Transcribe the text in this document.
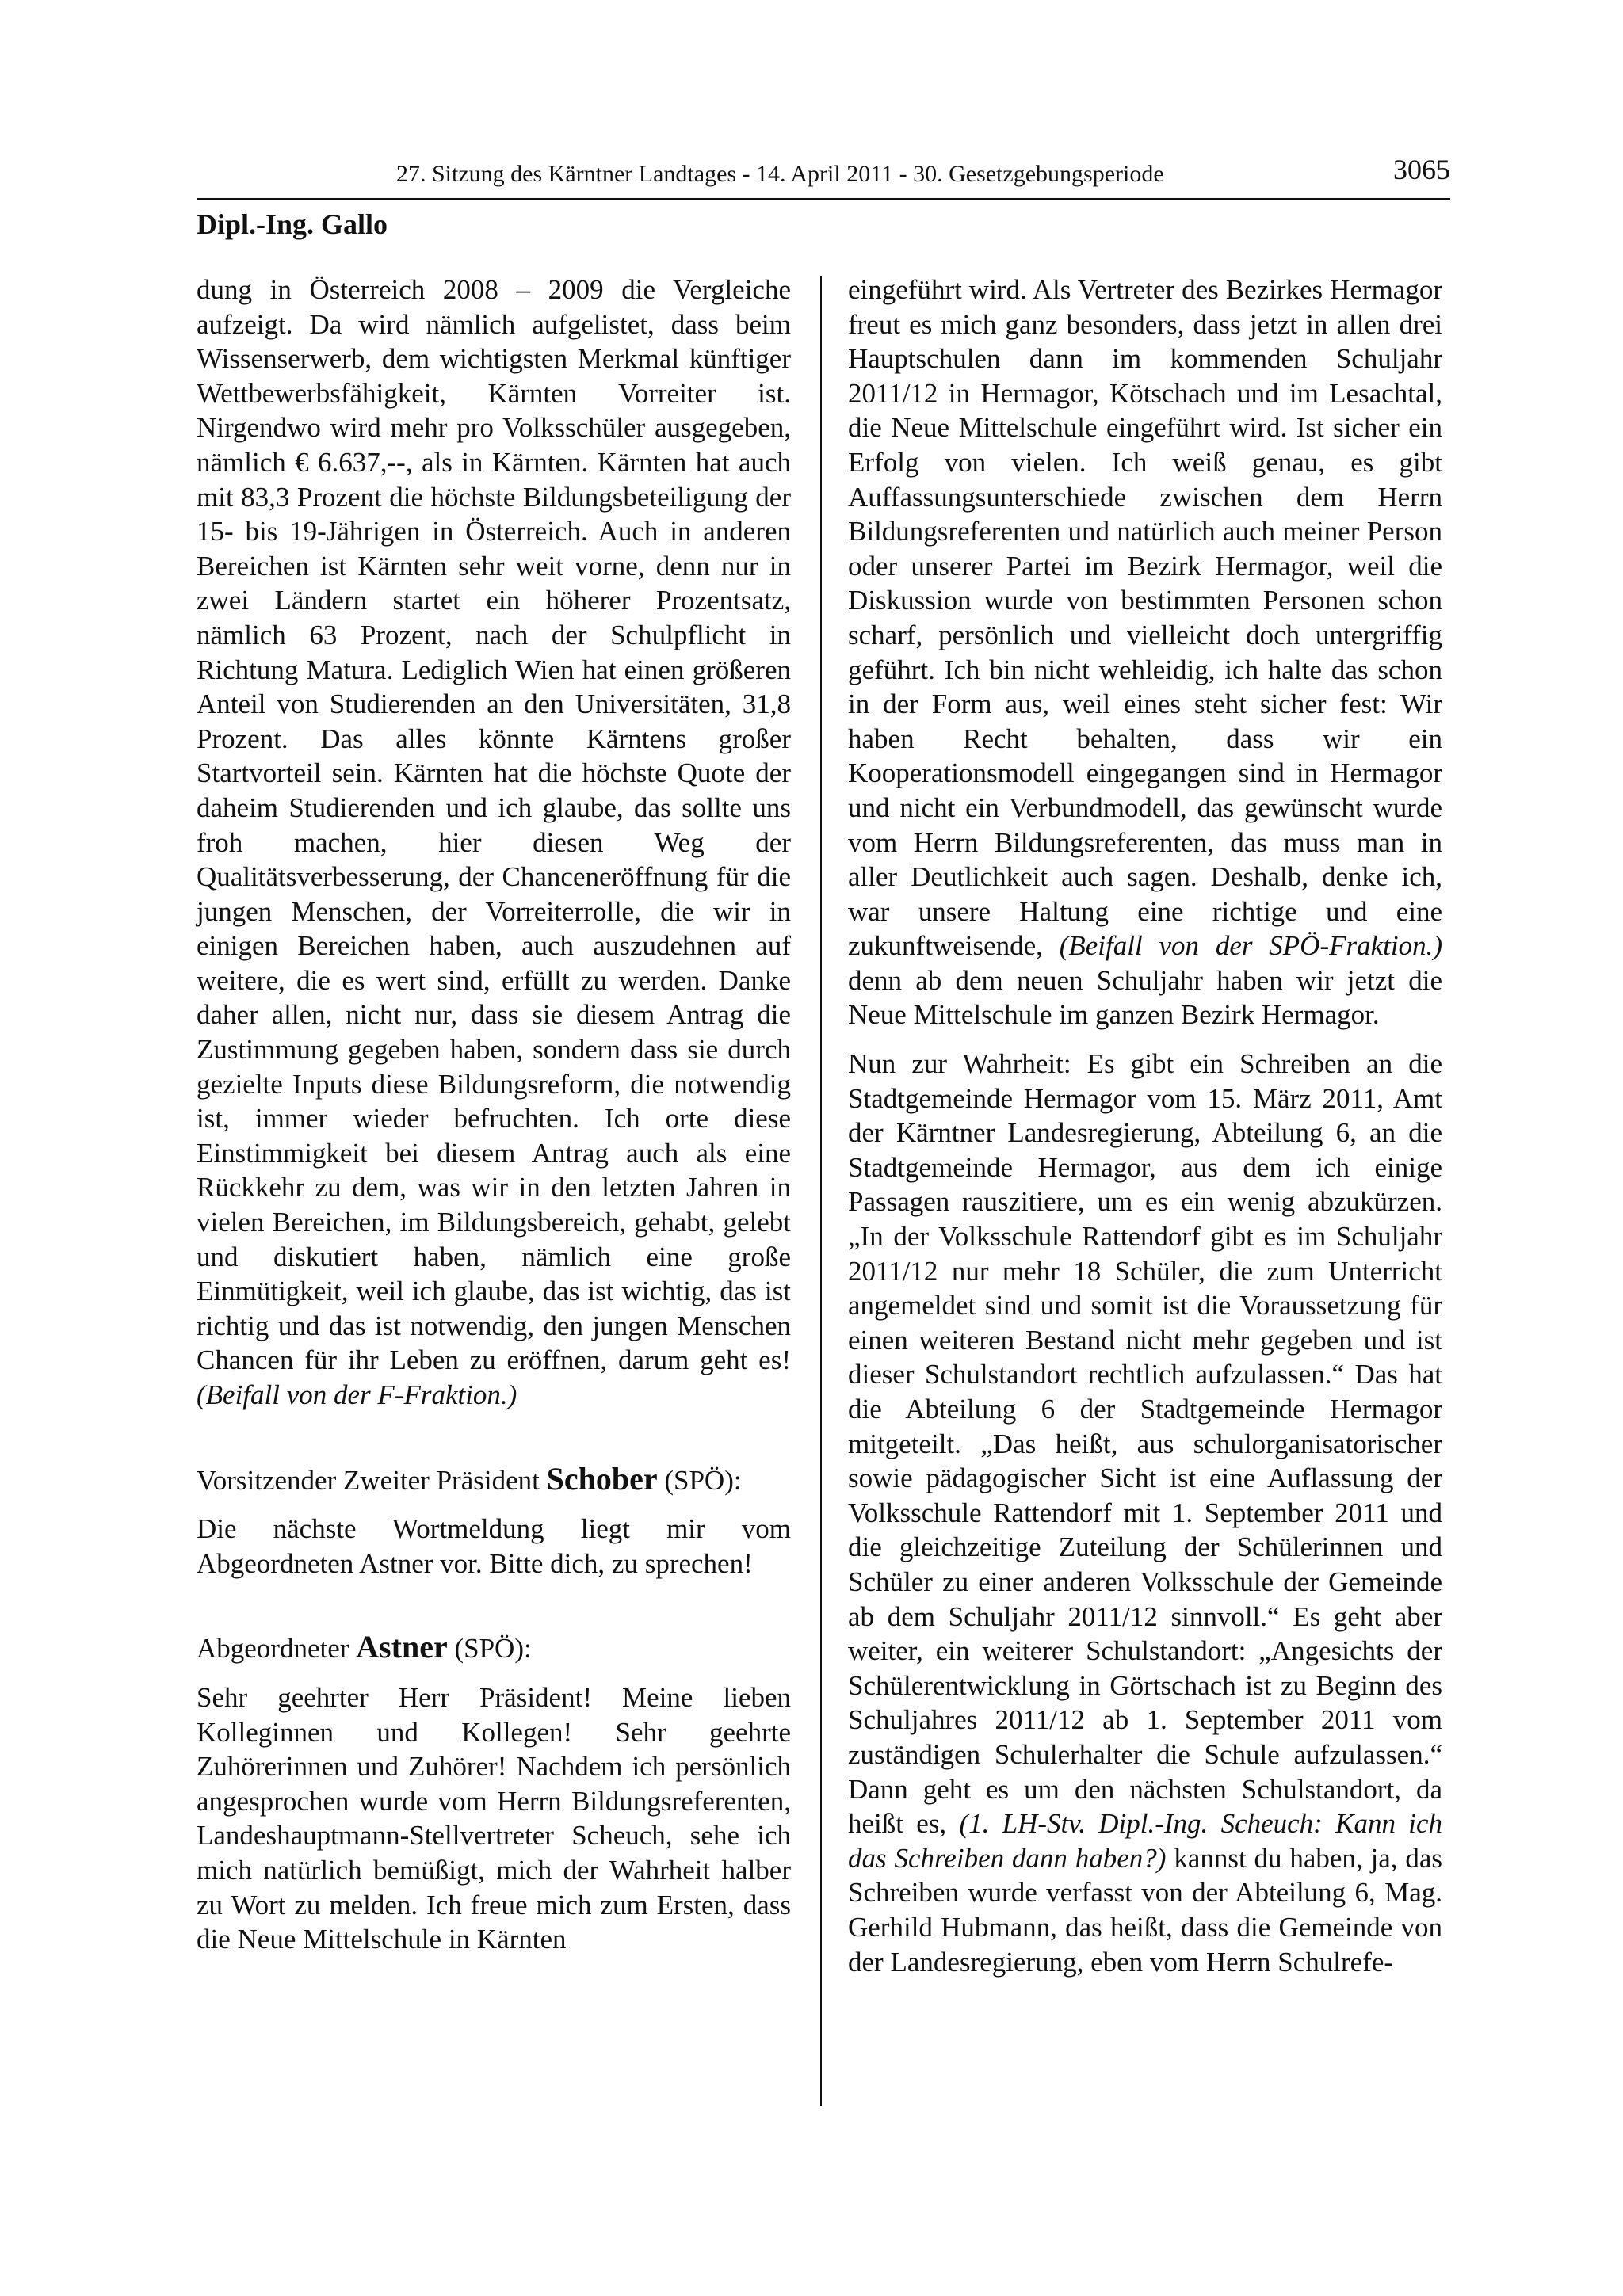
27. Sitzung des Kärntner Landtages - 14. April 2011 - 30. Gesetzgebungsperiode	3065
Dipl.-Ing. Gallo

dung in Österreich 2008 – 2009 die Vergleiche aufzeigt. Da wird nämlich aufgelistet, dass beim Wissenserwerb, dem wichtigsten Merkmal künftiger Wettbewerbsfähigkeit, Kärnten Vorreiter ist. Nirgendwo wird mehr pro Volksschüler ausgegeben, nämlich € 6.637,--, als in Kärnten. Kärnten hat auch mit 83,3 Prozent die höchste Bildungsbeteiligung der 15- bis 19-Jährigen in Österreich. Auch in anderen Bereichen ist Kärnten sehr weit vorne, denn nur in zwei Ländern startet ein höherer Prozentsatz, nämlich 63 Prozent, nach der Schulpflicht in Richtung Matura. Lediglich Wien hat einen größeren Anteil von Studierenden an den Universitäten, 31,8 Prozent. Das alles könnte Kärntens großer Startvorteil sein. Kärnten hat die höchste Quote der daheim Studierenden und ich glaube, das sollte uns froh machen, hier diesen Weg der Qualitätsverbesserung, der Chanceneröffnung für die jungen Menschen, der Vorreiterrolle, die wir in einigen Bereichen haben, auch auszudehnen auf weitere, die es wert sind, erfüllt zu werden. Danke daher allen, nicht nur, dass sie diesem Antrag die Zustimmung gegeben haben, sondern dass sie durch gezielte Inputs diese Bildungsreform, die notwendig ist, immer wieder befruchten. Ich orte diese Einstimmigkeit bei diesem Antrag auch als eine Rückkehr zu dem, was wir in den letzten Jahren in vielen Bereichen, im Bildungsbereich, gehabt, gelebt und diskutiert haben, nämlich eine große Einmütigkeit, weil ich glaube, das ist wichtig, das ist richtig und das ist notwendig, den jungen Menschen Chancen für ihr Leben zu eröffnen, darum geht es! (Beifall von der F-Fraktion.)

Vorsitzender Zweiter Präsident Schober (SPÖ):

Die nächste Wortmeldung liegt mir vom Abgeordneten Astner vor. Bitte dich, zu sprechen!

Abgeordneter Astner (SPÖ):

Sehr geehrter Herr Präsident! Meine lieben Kolleginnen und Kollegen! Sehr geehrte Zuhörerinnen und Zuhörer! Nachdem ich persönlich angesprochen wurde vom Herrn Bildungsreferenten, Landeshauptmann-Stellvertreter Scheuch, sehe ich mich natürlich bemüßigt, mich der Wahrheit halber zu Wort zu melden. Ich freue mich zum Ersten, dass die Neue Mittelschule in Kärnten

eingeführt wird. Als Vertreter des Bezirkes Hermagor freut es mich ganz besonders, dass jetzt in allen drei Hauptschulen dann im kommenden Schuljahr 2011/12 in Hermagor, Kötschach und im Lesachtal, die Neue Mittelschule eingeführt wird. Ist sicher ein Erfolg von vielen. Ich weiß genau, es gibt Auffassungsunterschiede zwischen dem Herrn Bildungsreferenten und natürlich auch meiner Person oder unserer Partei im Bezirk Hermagor, weil die Diskussion wurde von bestimmten Personen schon scharf, persönlich und vielleicht doch untergriffig geführt. Ich bin nicht wehleidig, ich halte das schon in der Form aus, weil eines steht sicher fest: Wir haben Recht behalten, dass wir ein Kooperationsmodell eingegangen sind in Hermagor und nicht ein Verbundmodell, das gewünscht wurde vom Herrn Bildungsreferenten, das muss man in aller Deutlichkeit auch sagen. Deshalb, denke ich, war unsere Haltung eine richtige und eine zukunftweisende, (Beifall von der SPÖ-Fraktion.) denn ab dem neuen Schuljahr haben wir jetzt die Neue Mittelschule im ganzen Bezirk Hermagor.

Nun zur Wahrheit: Es gibt ein Schreiben an die Stadtgemeinde Hermagor vom 15. März 2011, Amt der Kärntner Landesregierung, Abteilung 6, an die Stadtgemeinde Hermagor, aus dem ich einige Passagen rauszitiere, um es ein wenig abzukürzen. „In der Volksschule Rattendorf gibt es im Schuljahr 2011/12 nur mehr 18 Schüler, die zum Unterricht angemeldet sind und somit ist die Voraussetzung für einen weiteren Bestand nicht mehr gegeben und ist dieser Schulstandort rechtlich aufzulassen.“ Das hat die Abteilung 6 der Stadtgemeinde Hermagor mitgeteilt. „Das heißt, aus schulorganisatorischer sowie pädagogischer Sicht ist eine Auflassung der Volksschule Rattendorf mit 1. September 2011 und die gleichzeitige Zuteilung der Schülerinnen und Schüler zu einer anderen Volksschule der Gemeinde ab dem Schuljahr 2011/12 sinnvoll.“ Es geht aber weiter, ein weiterer Schulstandort: „Angesichts der Schülerentwicklung in Görtschach ist zu Beginn des Schuljahres 2011/12 ab 1. September 2011 vom zuständigen Schulerhalter die Schule aufzulassen.“ Dann geht es um den nächsten Schulstandort, da heißt es, (1. LH-Stv. Dipl.-Ing. Scheuch: Kann ich das Schreiben dann haben?) kannst du haben, ja, das Schreiben wurde verfasst von der Abteilung 6, Mag. Gerhild Hubmann, das heißt, dass die Gemeinde von der Landesregierung, eben vom Herrn Schulrefe-
